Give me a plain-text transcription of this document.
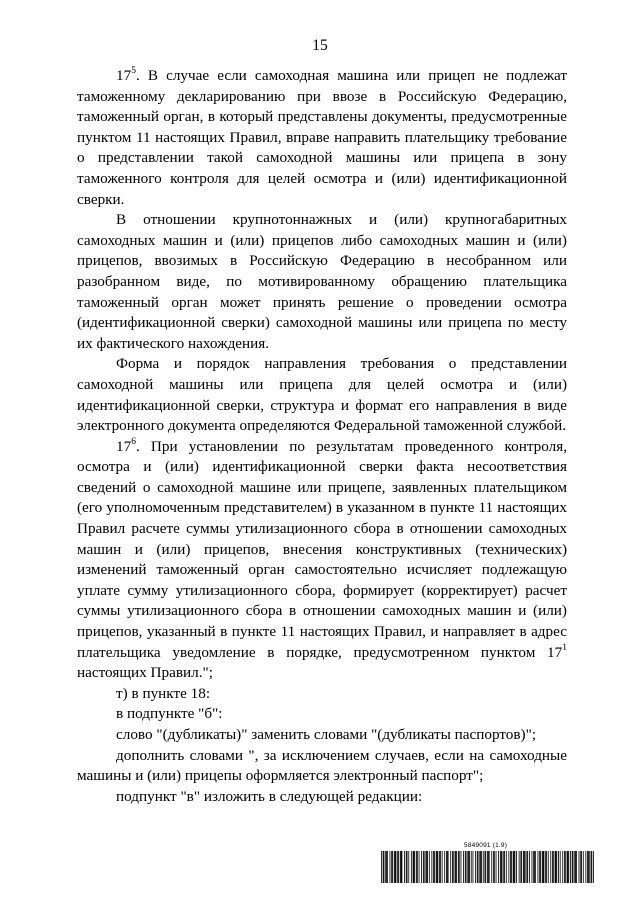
15

$17^5$. В случае если самоходная машина или прицеп не подлежат таможенному декларированию при ввозе в Российскую Федерацию, таможенный орган, в который представлены документы, предусмотренные пунктом 11 настоящих Правил, вправе направить плательщику требование о представлении такой самоходной машины или прицепа в зону таможенного контроля для целей осмотра и (или) идентификационной сверки.

В отношении крупнотоннажных и (или) крупногабаритных самоходных машин и (или) прицепов либо самоходных машин и (или) прицепов, ввозимых в Российскую Федерацию в несобранном или разобранном виде, по мотивированному обращению плательщика таможенный орган может принять решение о проведении осмотра (идентификационной сверки) самоходной машины или прицепа по месту их фактического нахождения.

Форма и порядок направления требования о представлении самоходной машины или прицепа для целей осмотра и (или) идентификационной сверки, структура и формат его направления в виде электронного документа определяются Федеральной таможенной службой.

$17^6$. При установлении по результатам проведенного контроля, осмотра и (или) идентификационной сверки факта несоответствия сведений о самоходной машине или прицепе, заявленных плательщиком (его уполномоченным представителем) в указанном в пункте 11 настоящих Правил расчете суммы утилизационного сбора в отношении самоходных машин и (или) прицепов, внесения конструктивных (технических) изменений таможенный орган самостоятельно исчисляет подлежащую уплате сумму утилизационного сбора, формирует (корректирует) расчет суммы утилизационного сбора в отношении самоходных машин и (или) прицепов, указанный в пункте 11 настоящих Правил, и направляет в адрес плательщика уведомление в порядке, предусмотренном пунктом $17^1$ настоящих Правил.";

т) в пункте 18:

в подпункте "б":

слово "(дубликаты)" заменить словами "(дубликаты паспортов)";

дополнить словами ", за исключением случаев, если на самоходные машины и (или) прицепы оформляется электронный паспорт";

подпункт "в" изложить в следующей редакции:

5849091 (1.9)
